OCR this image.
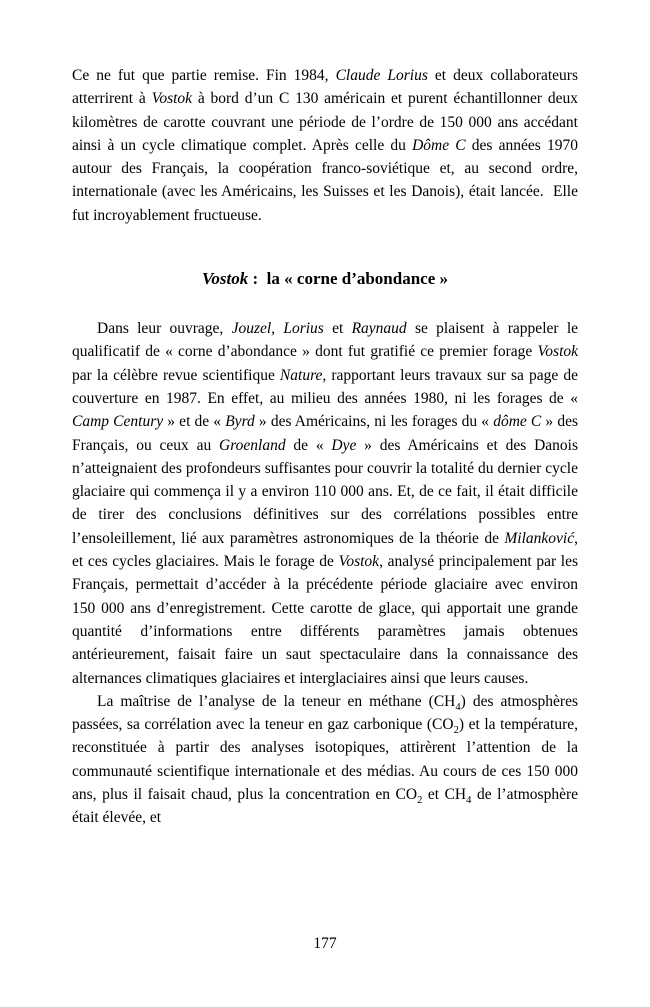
Ce ne fut que partie remise. Fin 1984, Claude Lorius et deux collaborateurs atterrirent à Vostok à bord d’un C 130 américain et purent échantillonner deux kilomètres de carotte couvrant une période de l’ordre de 150 000 ans accédant ainsi à un cycle climatique complet. Après celle du Dôme C des années 1970 autour des Français, la coopération franco-soviétique et, au second ordre, internationale (avec les Américains, les Suisses et les Danois), était lancée.  Elle fut incroyablement fructueuse.

Vostok :  la « corne d’abondance »

Dans leur ouvrage, Jouzel, Lorius et Raynaud se plaisent à rappeler le qualificatif de « corne d’abondance » dont fut gratifié ce premier forage Vostok par la célèbre revue scientifique Nature, rapportant leurs travaux sur sa page de couverture en 1987. En effet, au milieu des années 1980, ni les forages de « Camp Century » et de « Byrd » des Américains, ni les forages du « dôme C » des Français, ou ceux au Groenland de « Dye » des Américains et des Danois n’atteignaient des profondeurs suffisantes pour couvrir la totalité du dernier cycle glaciaire qui commença il y a environ 110 000 ans. Et, de ce fait, il était difficile de tirer des conclusions définitives sur des corrélations possibles entre l’ensoleillement, lié aux paramètres astronomiques de la théorie de Milanković, et ces cycles glaciaires. Mais le forage de Vostok, analysé principalement par les Français, permettait d’accéder à la précédente période glaciaire avec environ 150 000 ans d’enregistrement. Cette carotte de glace, qui apportait une grande quantité d’informations entre différents paramètres jamais obtenues antérieurement, faisait faire un saut spectaculaire dans la connaissance des alternances climatiques glaciaires et interglaciaires ainsi que leurs causes.

La maîtrise de l’analyse de la teneur en méthane $(CH_4)$ des atmosphères passées, sa corrélation avec la teneur en gaz carbonique $(CO_2)$ et la température, reconstituée à partir des analyses isotopiques, attirèrent l’attention de la communauté scientifique internationale et des médias. Au cours de ces 150 000 ans, plus il faisait chaud, plus la concentration en $CO_2$ et $CH_4$ de l’atmosphère était élevée, et

177
